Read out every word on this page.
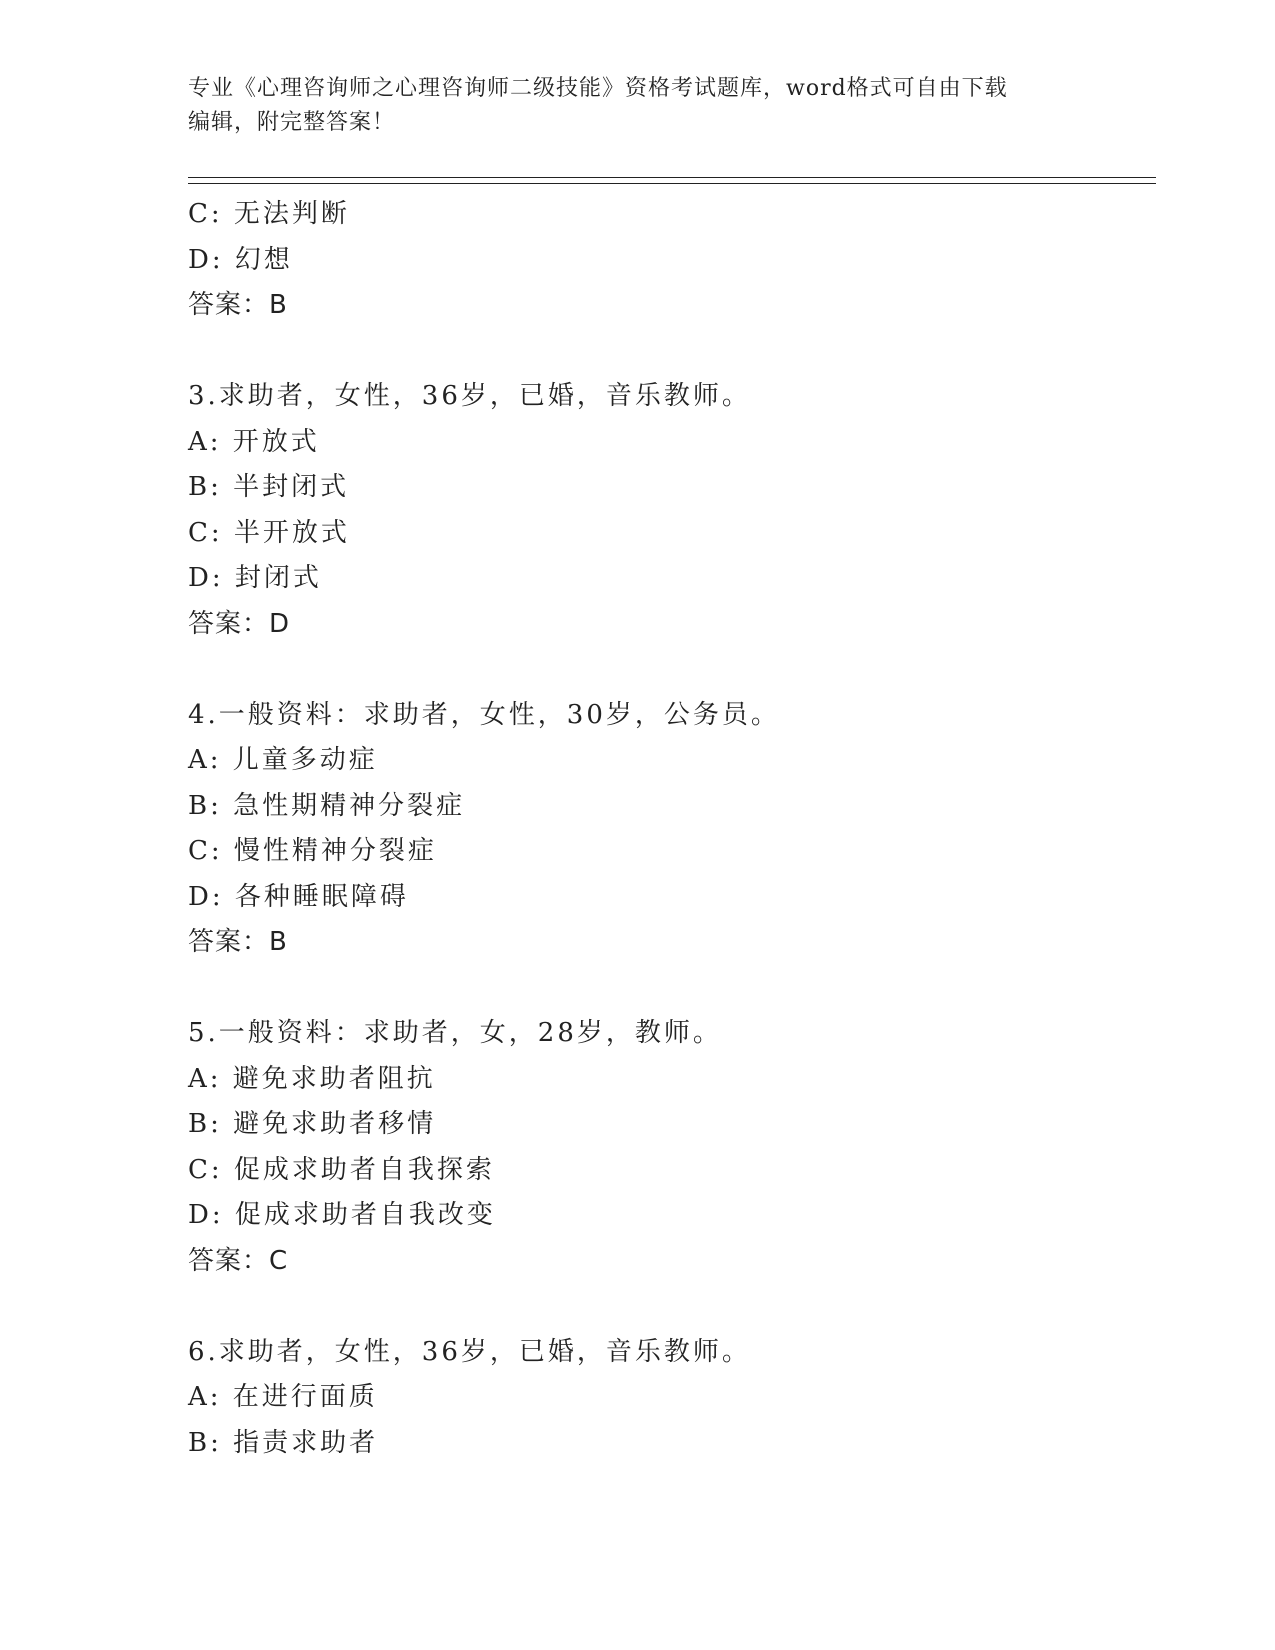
专业《心理咨询师之心理咨询师二级技能》资格考试题库，word格式可自由下载
编辑，附完整答案！
C: 无法判断
D: 幻想
答案：B
3.求助者，女性，36岁，已婚，音乐教师。
A: 开放式
B: 半封闭式
C: 半开放式
D: 封闭式
答案：D
4.一般资料：求助者，女性，30岁，公务员。
A: 儿童多动症
B: 急性期精神分裂症
C: 慢性精神分裂症
D: 各种睡眠障碍
答案：B
5.一般资料：求助者，女，28岁，教师。
A: 避免求助者阻抗
B: 避免求助者移情
C: 促成求助者自我探索
D: 促成求助者自我改变
答案：C
6.求助者，女性，36岁，已婚，音乐教师。
A: 在进行面质
B: 指责求助者
